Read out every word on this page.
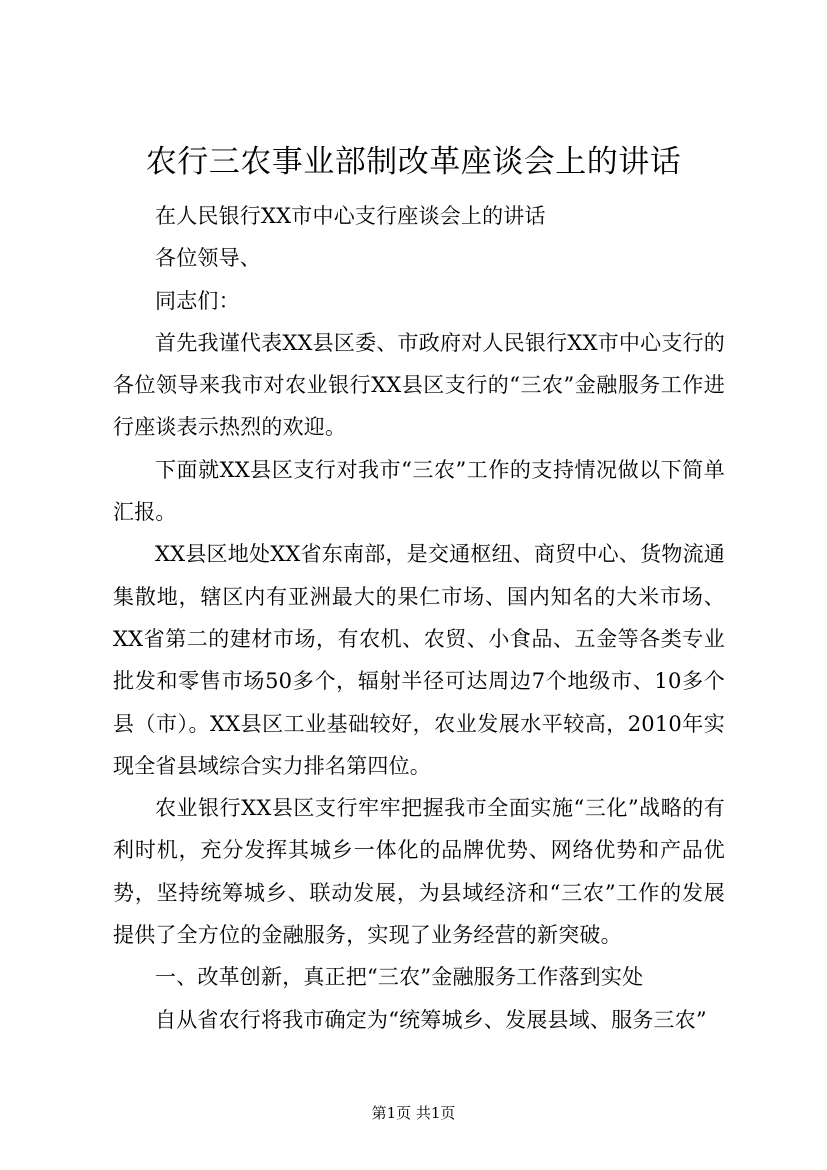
农行三农事业部制改革座谈会上的讲话

在人民银行XX市中心支行座谈会上的讲话

各位领导、

同志们：

首先我谨代表XX县区委、市政府对人民银行XX市中心支行的各位领导来我市对农业银行XX县区支行的“三农”金融服务工作进行座谈表示热烈的欢迎。

下面就XX县区支行对我市“三农”工作的支持情况做以下简单汇报。

XX县区地处XX省东南部，是交通枢纽、商贸中心、货物流通集散地，辖区内有亚洲最大的果仁市场、国内知名的大米市场、XX省第二的建材市场，有农机、农贸、小食品、五金等各类专业批发和零售市场50多个，辐射半径可达周边7个地级市、10多个县（市）。XX县区工业基础较好，农业发展水平较高，2010年实现全省县域综合实力排名第四位。

农业银行XX县区支行牢牢把握我市全面实施“三化”战略的有利时机，充分发挥其城乡一体化的品牌优势、网络优势和产品优势，坚持统筹城乡、联动发展，为县域经济和“三农”工作的发展提供了全方位的金融服务，实现了业务经营的新突破。

一、改革创新，真正把“三农”金融服务工作落到实处

自从省农行将我市确定为“统筹城乡、发展县域、服务三农”

第1页 共1页
